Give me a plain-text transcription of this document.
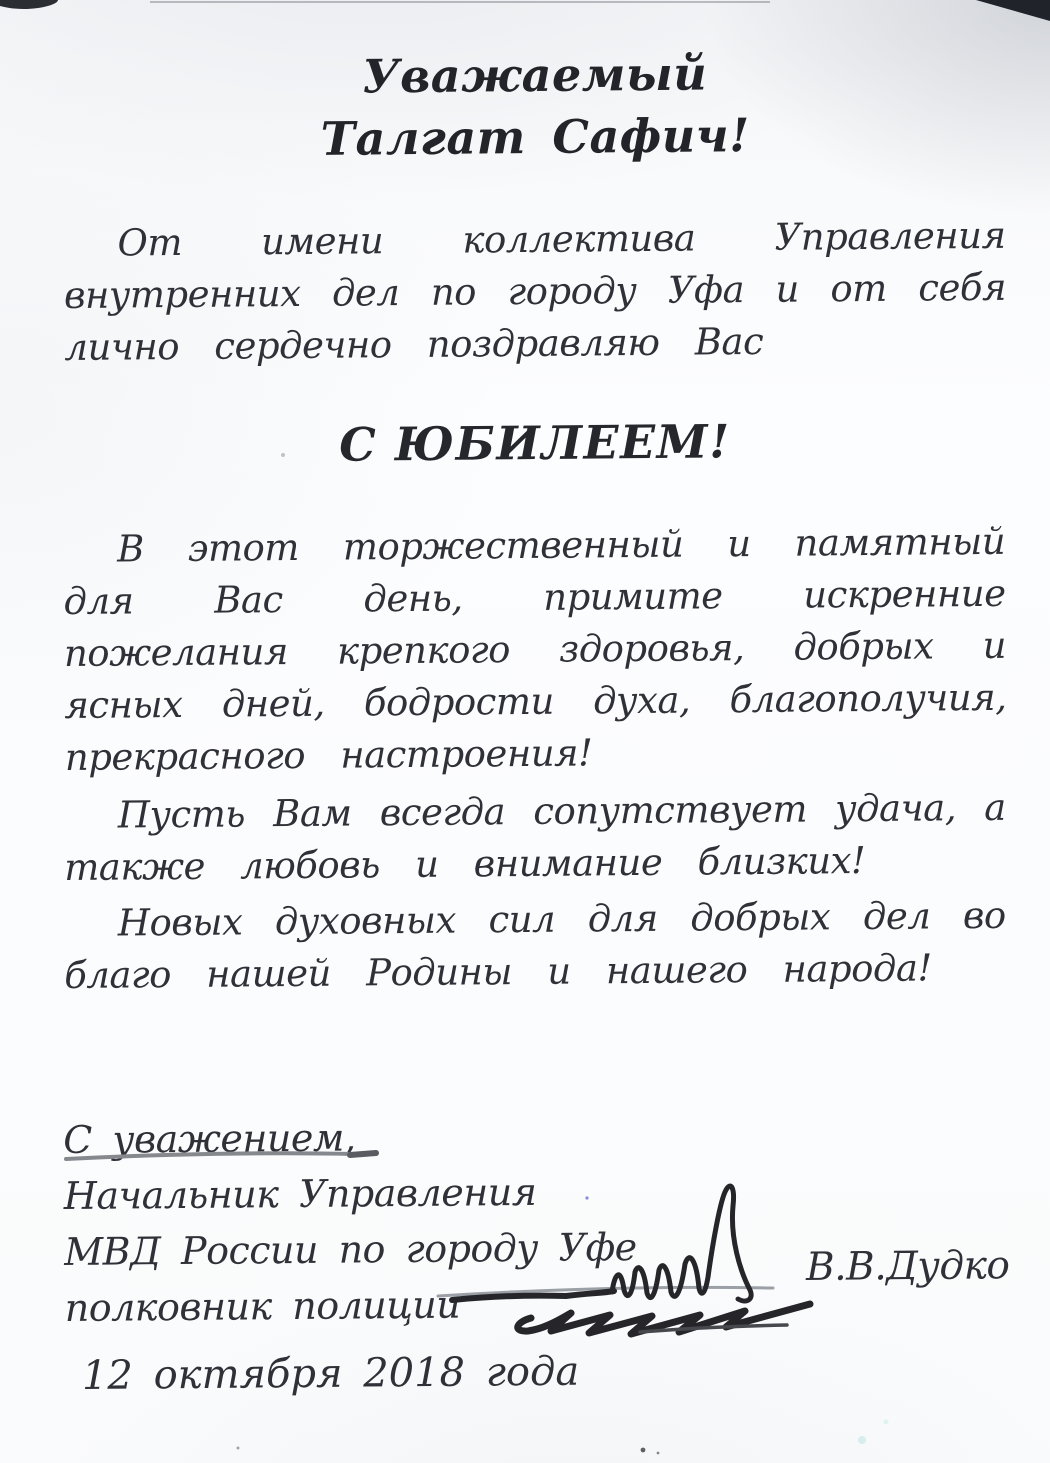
Уважаемый
Талгат Сафич!
От имени коллектива Управления
внутренних дел по городу Уфа и от себя
лично сердечно поздравляю Вас
С ЮБИЛЕЕМ!
В этот торжественный и памятный
для Вас день, примите искренние
пожелания крепкого здоровья, добрых и
ясных дней, бодрости духа, благополучия,
прекрасного настроения!
Пусть Вам всегда сопутствует удача, а
также любовь и внимание близких!
Новых духовных сил для добрых дел во
благо нашей Родины и нашего народа!
С уважением,
Начальник Управления
МВД России по городу Уфе
полковник полиции
В.В.Дудко
12 октября 2018 года
